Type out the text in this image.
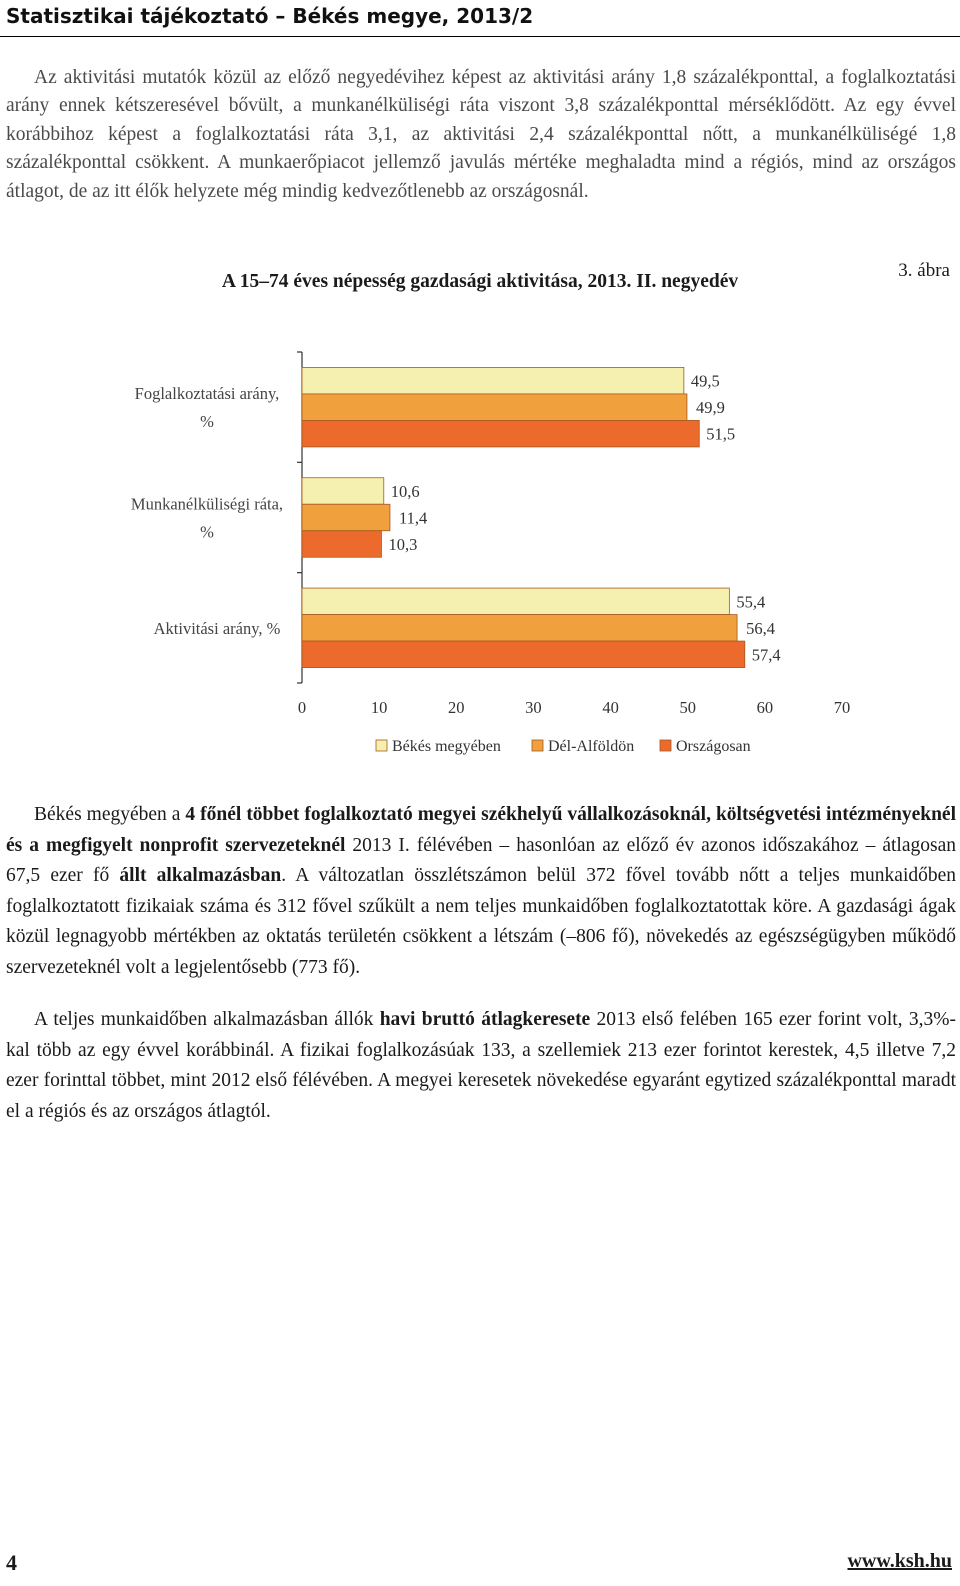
Statisztikai tájékoztató – Békés megye, 2013/2

Az aktivitási mutatók közül az előző negyedévihez képest az aktivitási arány 1,8 százalékponttal, a foglalkoztatási arány ennek kétszeresével bővült, a munkanélküliségi ráta viszont 3,8 százalékponttal mérséklődött. Az egy évvel korábbihoz képest a foglalkoztatási ráta 3,1, az aktivitási 2,4 százalékponttal nőtt, a munkanélküliségé 1,8 százalékponttal csökkent. A munkaerőpiacot jellemző javulás mértéke meghaladta mind a régiós, mind az országos átlagot, de az itt élők helyzete még mindig kedvezőtlenebb az országosnál.

3. ábra
A 15–74 éves népesség gazdasági aktivitása, 2013. II. negyedév
49,5
49,9
51,5
Foglalkoztatási arány,
%
10,6
11,4
10,3
Munkanélküliségi ráta,
%
55,4
56,4
57,4
Aktivitási arány, %
0	10	20	30	40	50	60	70
Békés megyében	Dél-Alföldön	Országosan

Békés megyében a 4 főnél többet foglalkoztató megyei székhelyű vállalkozásoknál, költségvetési intézményeknél és a megfigyelt nonprofit szervezeteknél 2013 I. félévében – hasonlóan az előző év azonos időszakához – átlagosan 67,5 ezer fő állt alkalmazásban. A változatlan összlétszámon belül 372 fővel tovább nőtt a teljes munkaidőben foglalkoztatott fizikaiak száma és 312 fővel szűkült a nem teljes munkaidőben foglalkoztatottak köre. A gazdasági ágak közül legnagyobb mértékben az oktatás területén csökkent a létszám (–806 fő), növekedés az egészségügyben működő szervezeteknél volt a legjelentősebb (773 fő).

A teljes munkaidőben alkalmazásban állók havi bruttó átlagkeresete 2013 első felében 165 ezer forint volt, 3,3%-kal több az egy évvel korábbinál. A fizikai foglalkozásúak 133, a szellemiek 213 ezer forintot kerestek, 4,5 illetve 7,2 ezer forinttal többet, mint 2012 első félévében. A megyei keresetek növekedése egyaránt egytized százalékponttal maradt el a régiós és az országos átlagtól.

4	www.ksh.hu
